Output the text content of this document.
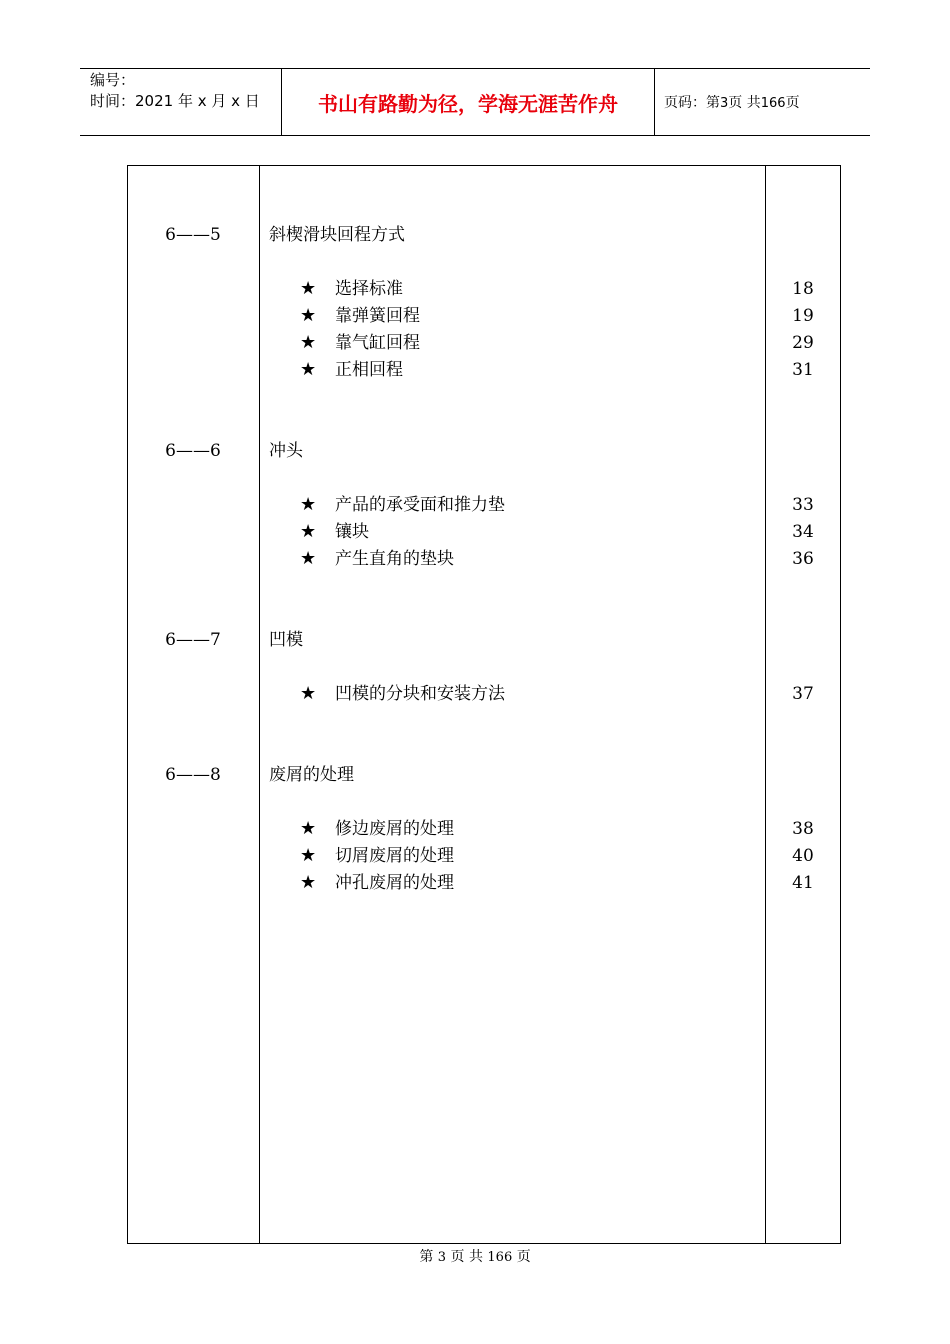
编号：
时间：2021 年 x 月 x 日	书山有路勤为径，学海无涯苦作舟	页码：第3页 共166页
6——5	斜楔滑块回程方式
★ 选择标准	18
★ 靠弹簧回程	19
★ 靠气缸回程	29
★ 正相回程	31
6——6	冲头
★ 产品的承受面和推力垫	33
★ 镶块	34
★ 产生直角的垫块	36
6——7	凹模
★ 凹模的分块和安装方法	37
6——8	废屑的处理
★ 修边废屑的处理	38
★ 切屑废屑的处理	40
★ 冲孔废屑的处理	41
第 3 页 共 166 页
